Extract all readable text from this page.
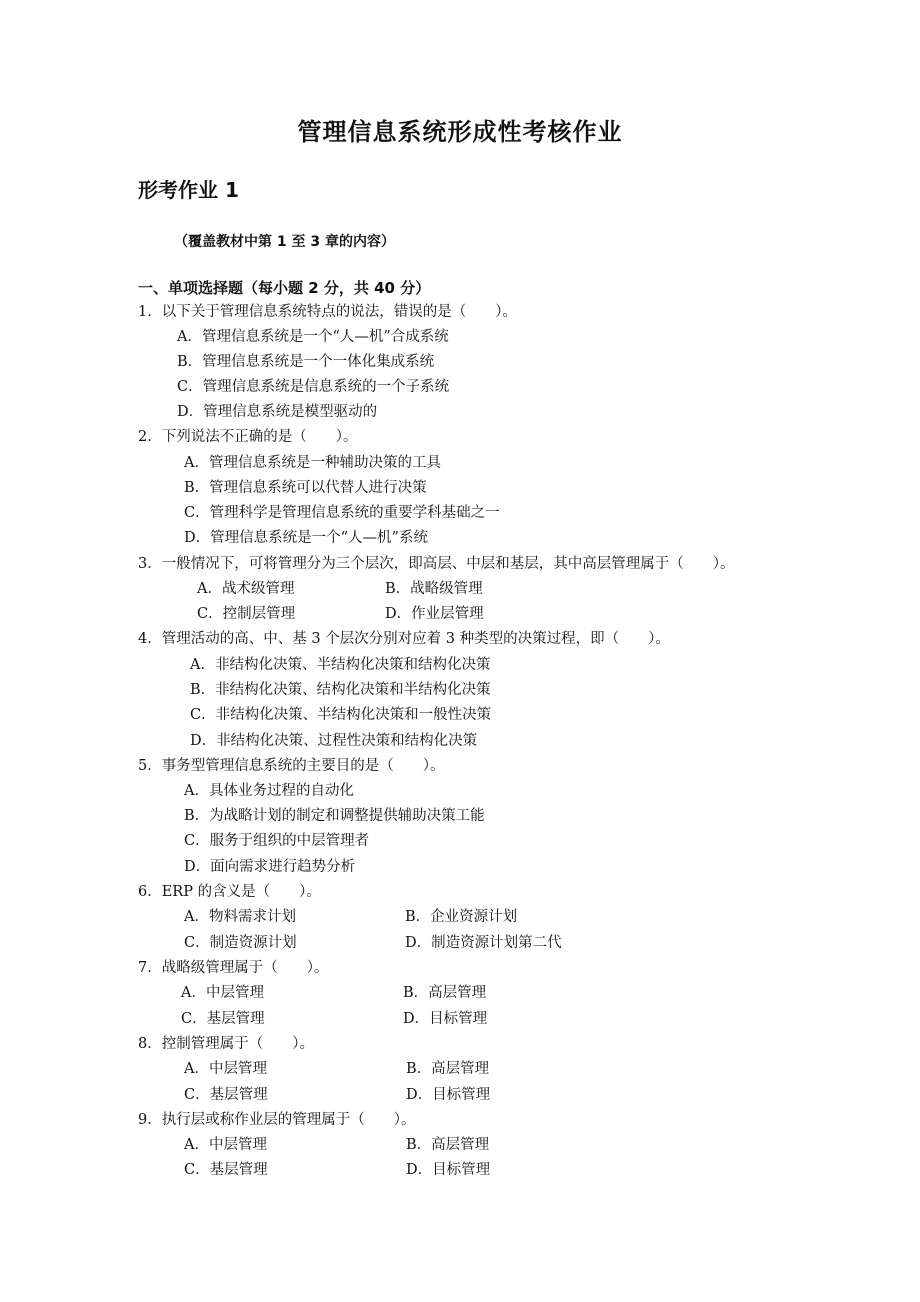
管理信息系统形成性考核作业
形考作业 1
（覆盖教材中第 1 至 3 章的内容）
一、单项选择题（每小题 2 分，共 40 分）
1．以下关于管理信息系统特点的说法，错误的是（　　）。
A．管理信息系统是一个“人—机”合成系统
B．管理信息系统是一个一体化集成系统
C．管理信息系统是信息系统的一个子系统
D．管理信息系统是模型驱动的
2．下列说法不正确的是（　　）。
A．管理信息系统是一种辅助决策的工具
B．管理信息系统可以代替人进行决策
C．管理科学是管理信息系统的重要学科基础之一
D．管理信息系统是一个“人—机”系统
3．一般情况下，可将管理分为三个层次，即高层、中层和基层，其中高层管理属于（　　）。
A．战术级管理	B．战略级管理
C．控制层管理	D．作业层管理
4．管理活动的高、中、基 3 个层次分别对应着 3 种类型的决策过程，即（　　）。
A．非结构化决策、半结构化决策和结构化决策
B．非结构化决策、结构化决策和半结构化决策
C．非结构化决策、半结构化决策和一般性决策
D．非结构化决策、过程性决策和结构化决策
5．事务型管理信息系统的主要目的是（　　）。
A．具体业务过程的自动化
B．为战略计划的制定和调整提供辅助决策工能
C．服务于组织的中层管理者
D．面向需求进行趋势分析
6．ERP 的含义是（　　）。
A．物料需求计划	B．企业资源计划
C．制造资源计划	D．制造资源计划第二代
7．战略级管理属于（　　）。
A．中层管理	B．高层管理
C．基层管理	D．目标管理
8．控制管理属于（　　）。
A．中层管理	B．高层管理
C．基层管理	D．目标管理
9．执行层或称作业层的管理属于（　　）。
A．中层管理	B．高层管理
C．基层管理	D．目标管理
